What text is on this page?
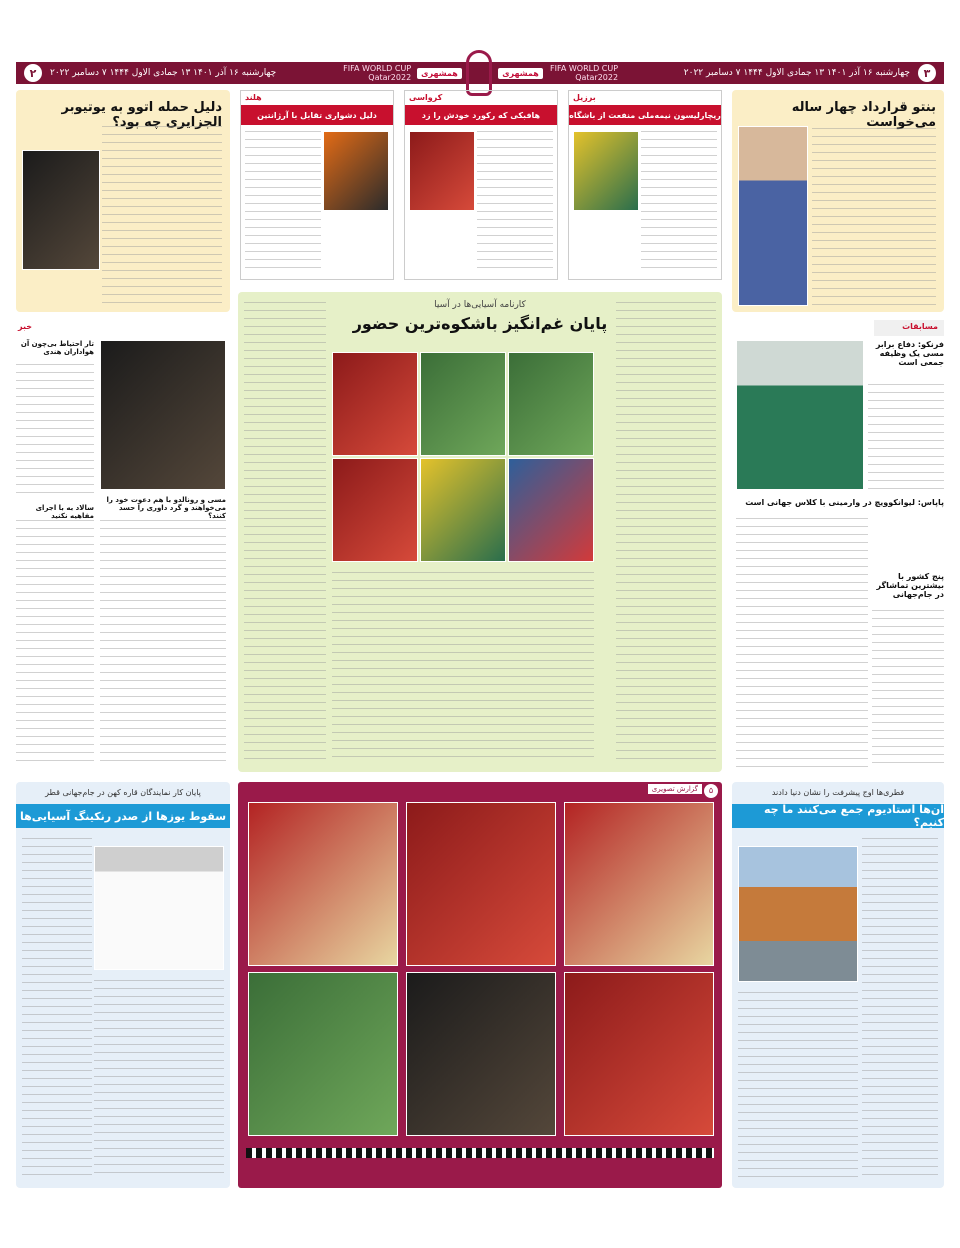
۳
چهارشنبه ۱۶ آذر ۱۴۰۱ ۱۳ جمادی الاول ۱۴۴۴ ۷ دسامبر ۲۰۲۲
FIFA WORLD CUP Qatar2022
همشهری
همشهری
FIFA WORLD CUP Qatar2022
۲	چهارشنبه ۱۶ آذر ۱۴۰۱ ۱۳ جمادی الاول ۱۴۴۴ ۷ دسامبر ۲۰۲۲
بنتو قرارداد چهار ساله می‌خواست
دلیل حمله اتوو به یوتیوبر الجزایری چه بود؟
برزیل
ریچارلیسون نیمه‌ملی منفعت از باشگاه
کرواسی
هافبکی که رکورد خودش را زد
هلند
دلیل دشواری تقابل با آرژانتین
کارنامه آسیایی‌ها در آسیا
پایان غم‌انگیز باشکوه‌ترین حضور	مسابقات
فرنکو: دفاع برابر مسی یک وظیفه جمعی است
پاپاس: لیوانکوویچ در وارمینی با کلاس جهانی است
پنج کشور با بیشترین تماشاگر در جام‌جهانی
خبر
تار احتیاط بی‌چون آن هواداران هندی
مسی و رونالدو با هم دعوت خود را می‌خواهند و گرد داوری را حسد کنند؟
سالاد به با اجرای مفاهیه نکنید
فطری‌ها اوج پیشرفت را نشان دنیا دادند
آن‌ها استادیوم جمع می‌کنند ما چه کنیم؟
پایان کار نمایندگان قاره کهن در جام‌جهانی قطر
سقوط یوزها از صدر رنکینگ آسیایی‌ها
گزارش تصویری	۵
